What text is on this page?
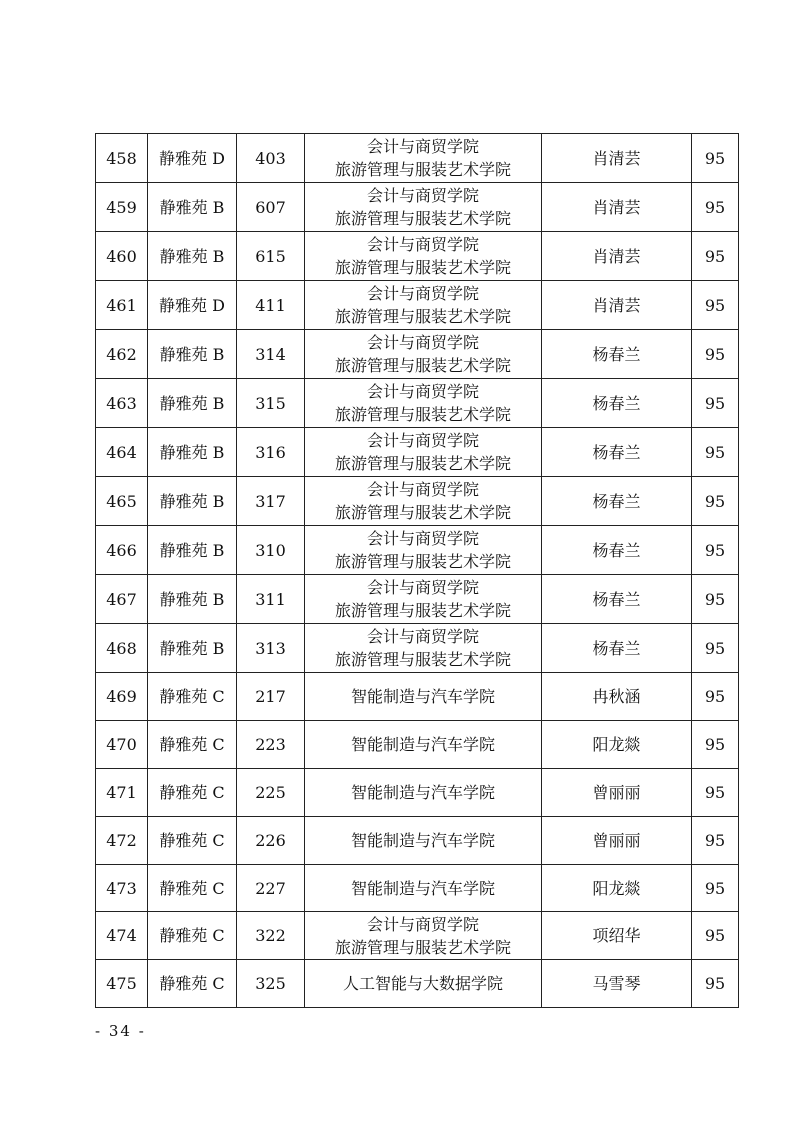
458	静雅苑 D	403	会计与商贸学院
旅游管理与服装艺术学院	肖清芸	95
459	静雅苑 B	607	会计与商贸学院
旅游管理与服装艺术学院	肖清芸	95
460	静雅苑 B	615	会计与商贸学院
旅游管理与服装艺术学院	肖清芸	95
461	静雅苑 D	411	会计与商贸学院
旅游管理与服装艺术学院	肖清芸	95
462	静雅苑 B	314	会计与商贸学院
旅游管理与服装艺术学院	杨春兰	95
463	静雅苑 B	315	会计与商贸学院
旅游管理与服装艺术学院	杨春兰	95
464	静雅苑 B	316	会计与商贸学院
旅游管理与服装艺术学院	杨春兰	95
465	静雅苑 B	317	会计与商贸学院
旅游管理与服装艺术学院	杨春兰	95
466	静雅苑 B	310	会计与商贸学院
旅游管理与服装艺术学院	杨春兰	95
467	静雅苑 B	311	会计与商贸学院
旅游管理与服装艺术学院	杨春兰	95
468	静雅苑 B	313	会计与商贸学院
旅游管理与服装艺术学院	杨春兰	95
469	静雅苑 C	217	智能制造与汽车学院	冉秋涵	95
470	静雅苑 C	223	智能制造与汽车学院	阳龙燚	95
471	静雅苑 C	225	智能制造与汽车学院	曾丽丽	95
472	静雅苑 C	226	智能制造与汽车学院	曾丽丽	95
473	静雅苑 C	227	智能制造与汽车学院	阳龙燚	95
474	静雅苑 C	322	会计与商贸学院
旅游管理与服装艺术学院	项绍华	95
475	静雅苑 C	325	人工智能与大数据学院	马雪琴	95
- 34 -
